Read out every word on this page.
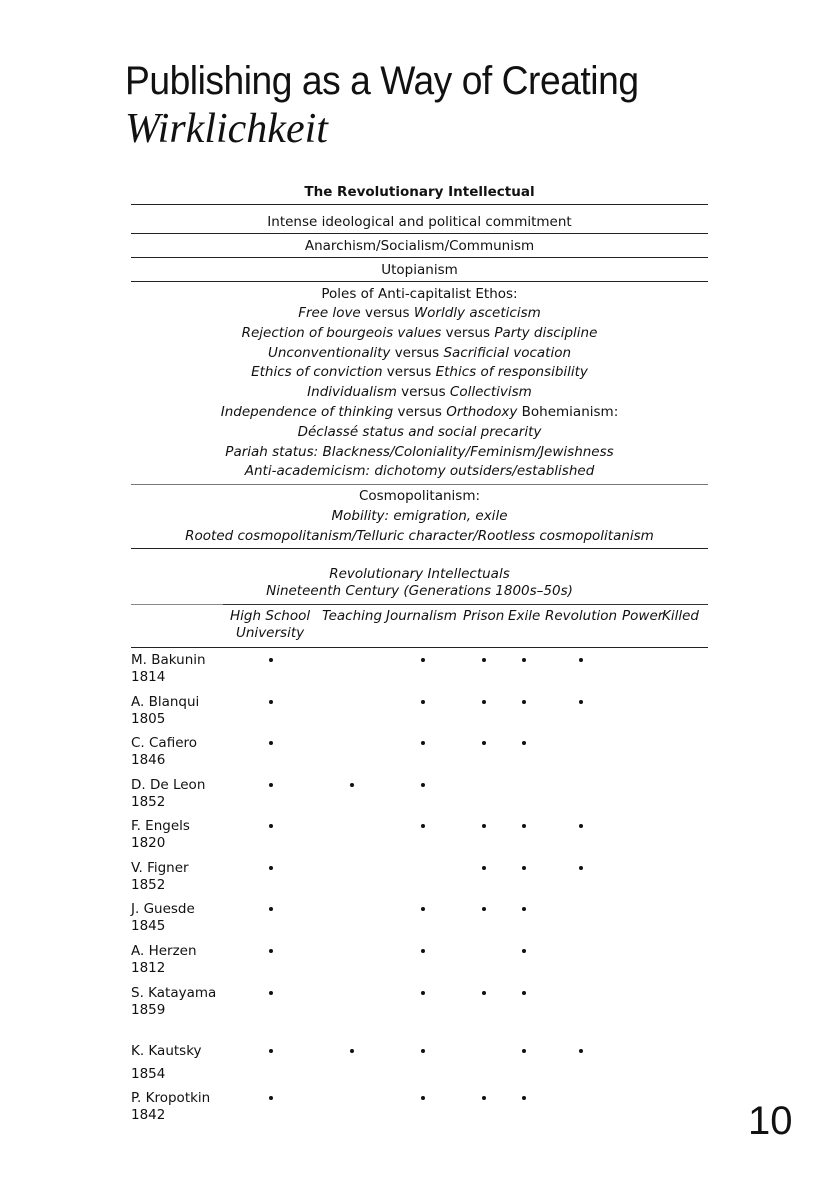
Publishing as a Way of Creating
Wirklichkeit
The Revolutionary Intellectual
Intense ideological and political commitment
Anarchism/Socialism/Communism
Utopianism
Poles of Anti-capitalist Ethos:
Free love versus Worldly asceticism
Rejection of bourgeois values versus Party discipline
Unconventionality versus Sacrificial vocation
Ethics of conviction versus Ethics of responsibility
Individualism versus Collectivism
Independence of thinking versus Orthodoxy Bohemianism:
Déclassé status and social precarity
Pariah status: Blackness/Coloniality/Feminism/Jewishness
Anti-academicism: dichotomy outsiders/established
Cosmopolitanism:
Mobility: emigration, exile
Rooted cosmopolitanism/Telluric character/Rootless cosmopolitanism
Revolutionary Intellectuals
Nineteenth Century (Generations 1800s–50s)
High School
University
Teaching Journalism Prison Exile Revolution Power
Killed
M. Bakunin
1814
A. Blanqui
1805
C. Cafiero
1846
D. De Leon
1852
F. Engels
1820
V. Figner
1852
J. Guesde
1845
A. Herzen
1812
S. Katayama
1859
K. Kautsky
1854
P. Kropotkin
1842	10
